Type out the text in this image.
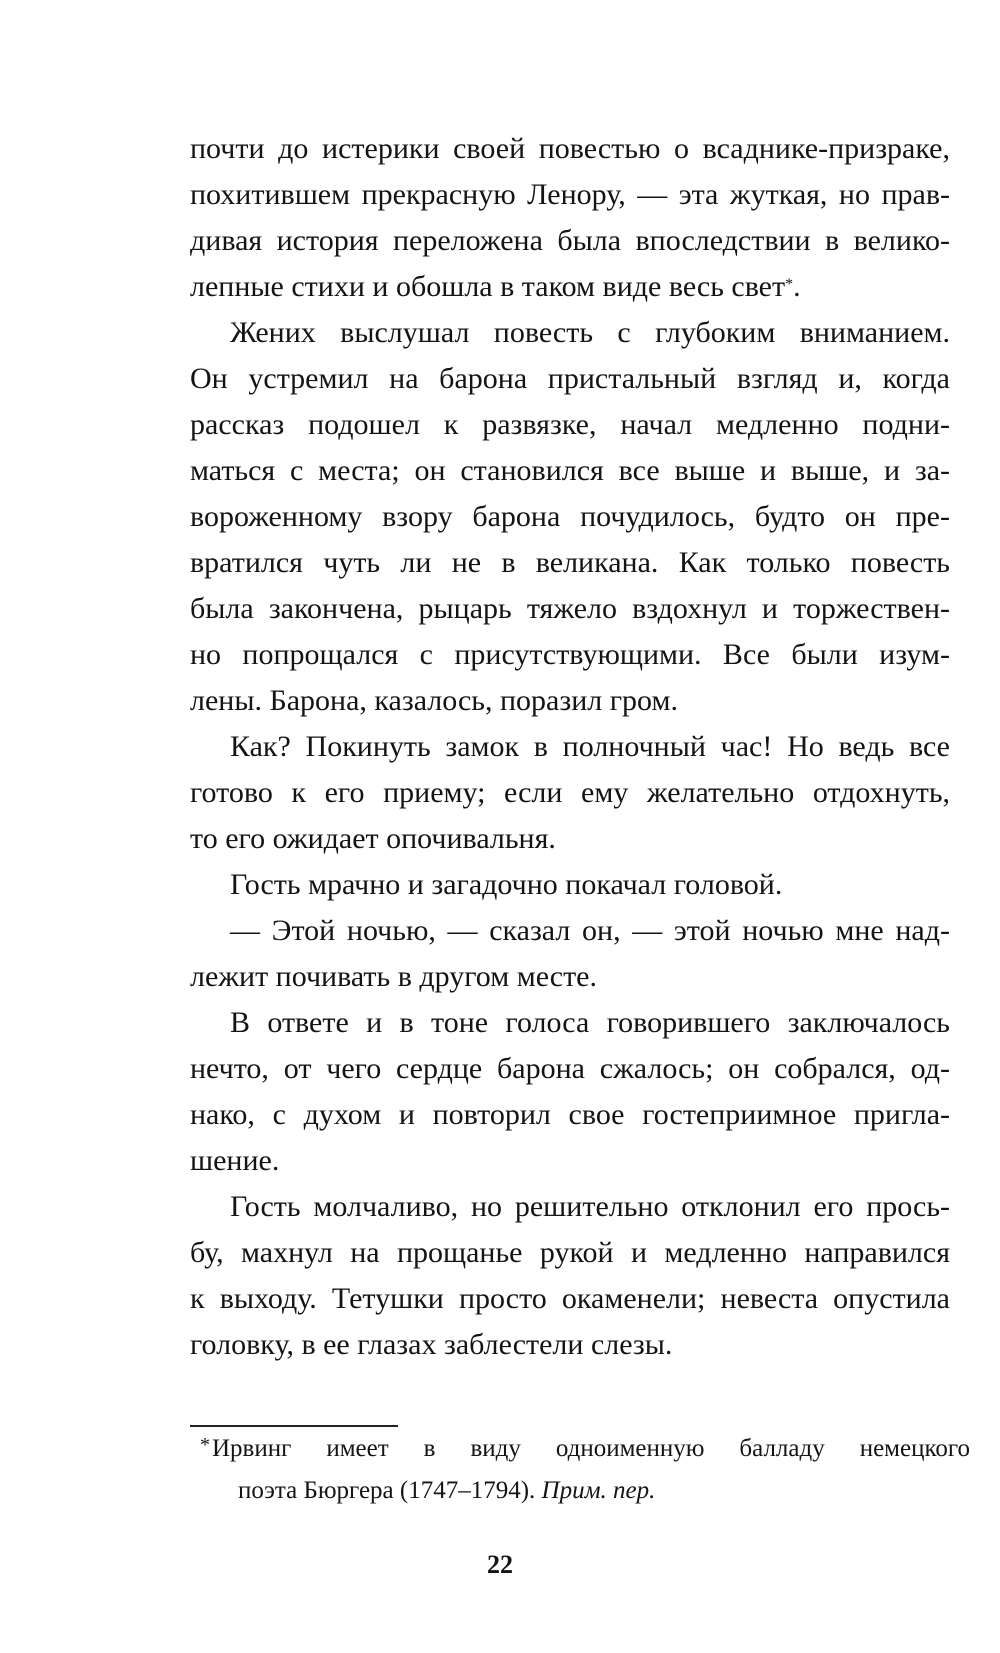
почти до истерики своей повестью о всаднике-призраке,
похитившем прекрасную Ленору, — эта жуткая, но прав-
дивая история переложена была впоследствии в велико-
лепные стихи и обошла в таком виде весь свет*.
Жених выслушал повесть с глубоким вниманием.
Он устремил на барона пристальный взгляд и, когда
рассказ подошел к развязке, начал медленно подни-
маться с места; он становился все выше и выше, и за-
вороженному взору барона почудилось, будто он пре-
вратился чуть ли не в великана. Как только повесть
была закончена, рыцарь тяжело вздохнул и торжествен-
но попрощался с присутствующими. Все были изум-
лены. Барона, казалось, поразил гром.
Как? Покинуть замок в полночный час! Но ведь все
готово к его приему; если ему желательно отдохнуть,
то его ожидает опочивальня.
Гость мрачно и загадочно покачал головой.
— Этой ночью, — сказал он, — этой ночью мне над-
лежит почивать в другом месте.
В ответе и в тоне голоса говорившего заключалось
нечто, от чего сердце барона сжалось; он собрался, од-
нако, с духом и повторил свое гостеприимное пригла-
шение.
Гость молчаливо, но решительно отклонил его прось-
бу, махнул на прощанье рукой и медленно направился
к выходу. Тетушки просто окаменели; невеста опустила
головку, в ее глазах заблестели слезы.
*Ирвинг имеет в виду одноименную балладу немецкого
поэта Бюргера (1747–1794). Прим. пер.
22
